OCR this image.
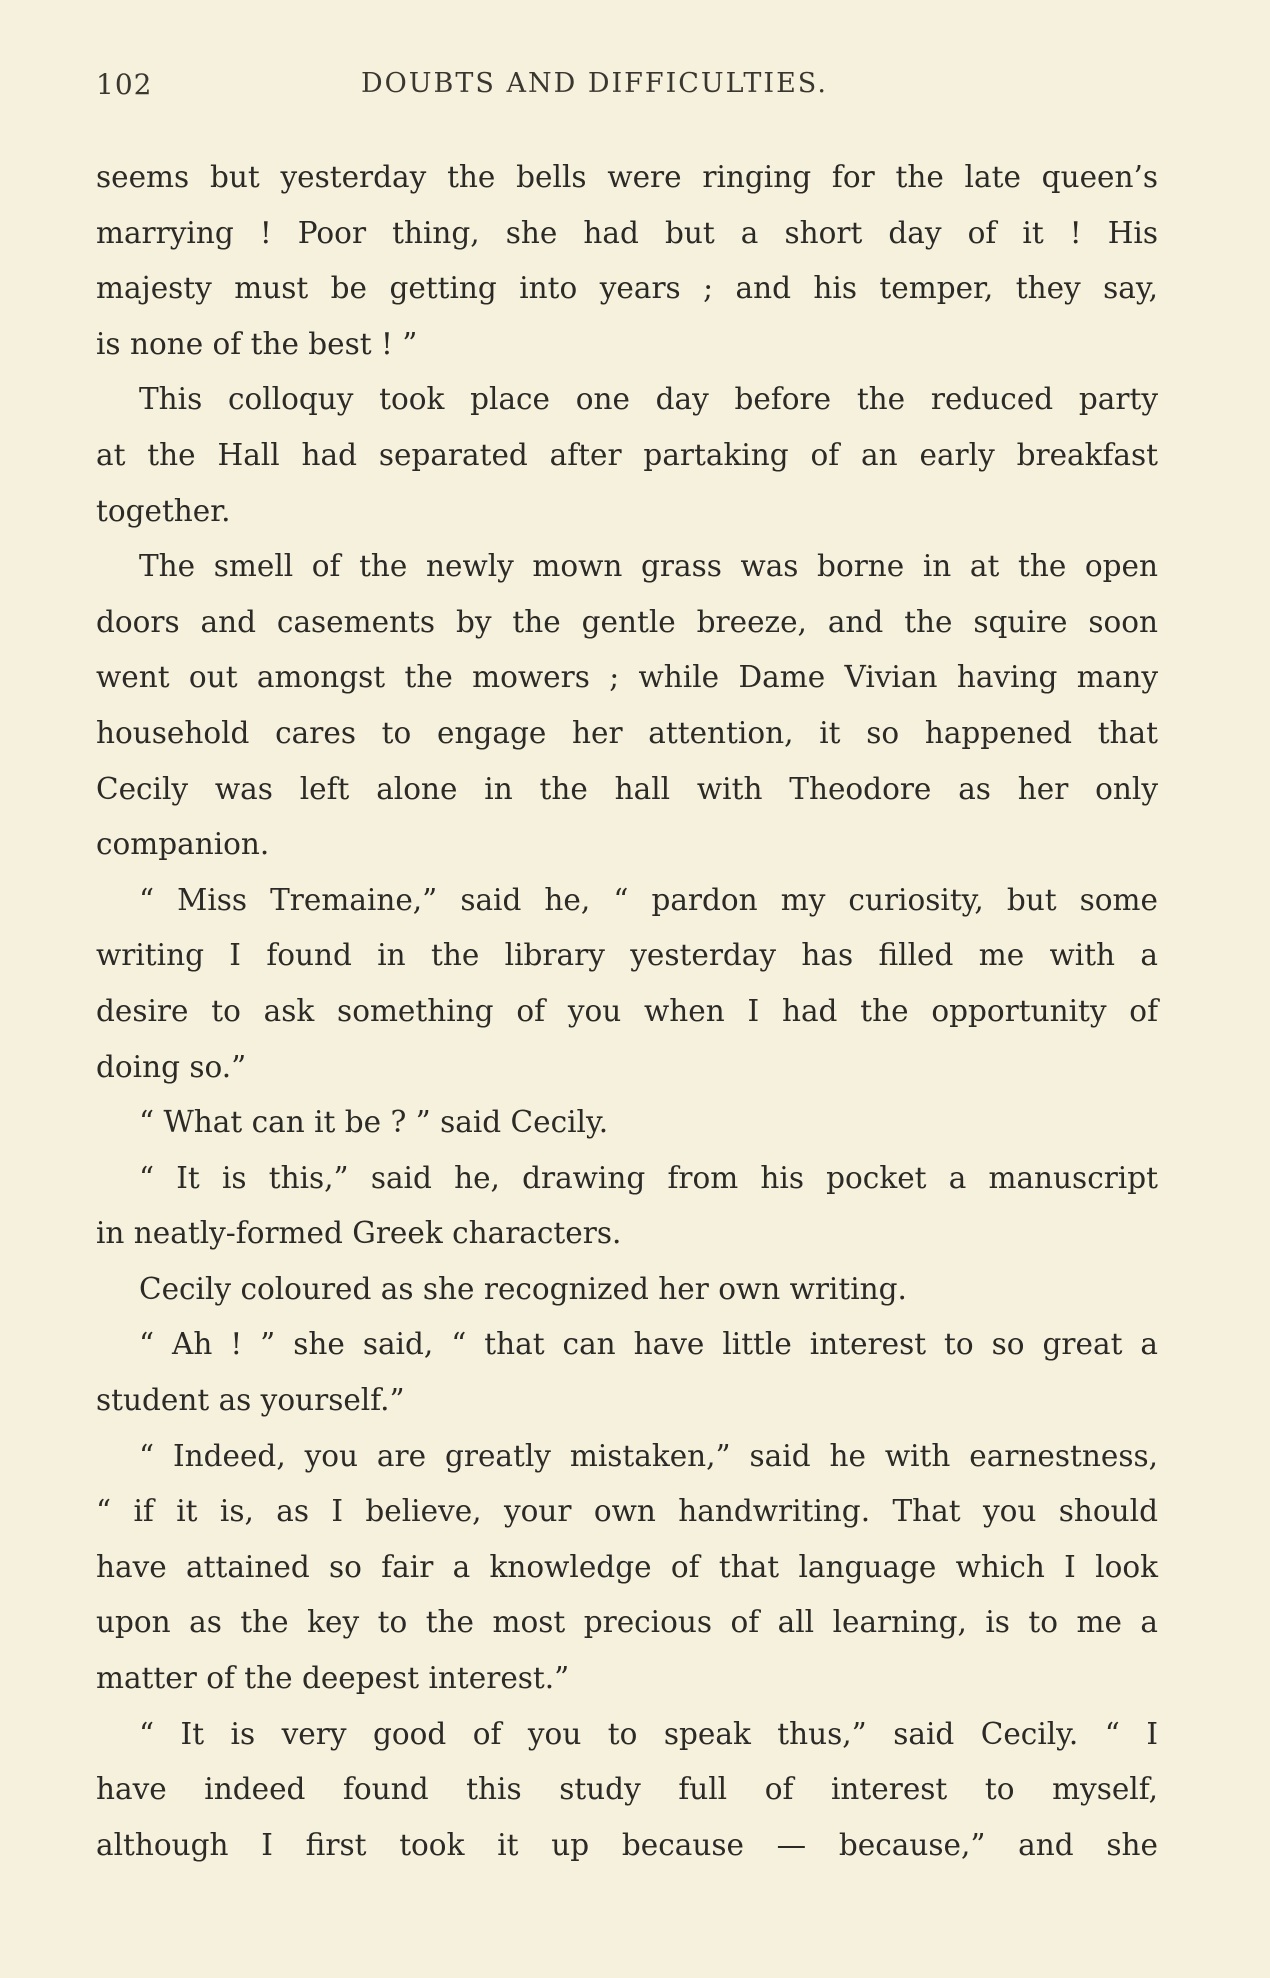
102	DOUBTS AND DIFFICULTIES.
seems but yesterday the bells were ringing for the late queen’s
marrying ! Poor thing, she had but a short day of it ! His
majesty must be getting into years ; and his temper, they say,
is none of the best ! ”
This colloquy took place one day before the reduced party
at the Hall had separated after partaking of an early breakfast
together.
The smell of the newly mown grass was borne in at the open
doors and casements by the gentle breeze, and the squire soon
went out amongst the mowers ; while Dame Vivian having many
household cares to engage her attention, it so happened that
Cecily was left alone in the hall with Theodore as her only
companion.
“ Miss Tremaine,” said he, “ pardon my curiosity, but some
writing I found in the library yesterday has filled me with a
desire to ask something of you when I had the opportunity of
doing so.”
“ What can it be ? ” said Cecily.
“ It is this,” said he, drawing from his pocket a manuscript
in neatly-formed Greek characters.
Cecily coloured as she recognized her own writing.
“ Ah ! ” she said, “ that can have little interest to so great a
student as yourself.”
“ Indeed, you are greatly mistaken,” said he with earnestness,
“ if it is, as I believe, your own handwriting. That you should
have attained so fair a knowledge of that language which I look
upon as the key to the most precious of all learning, is to me a
matter of the deepest interest.”
“ It is very good of you to speak thus,” said Cecily. “ I
have indeed found this study full of interest to myself,
although I first took it up because — because,” and she
